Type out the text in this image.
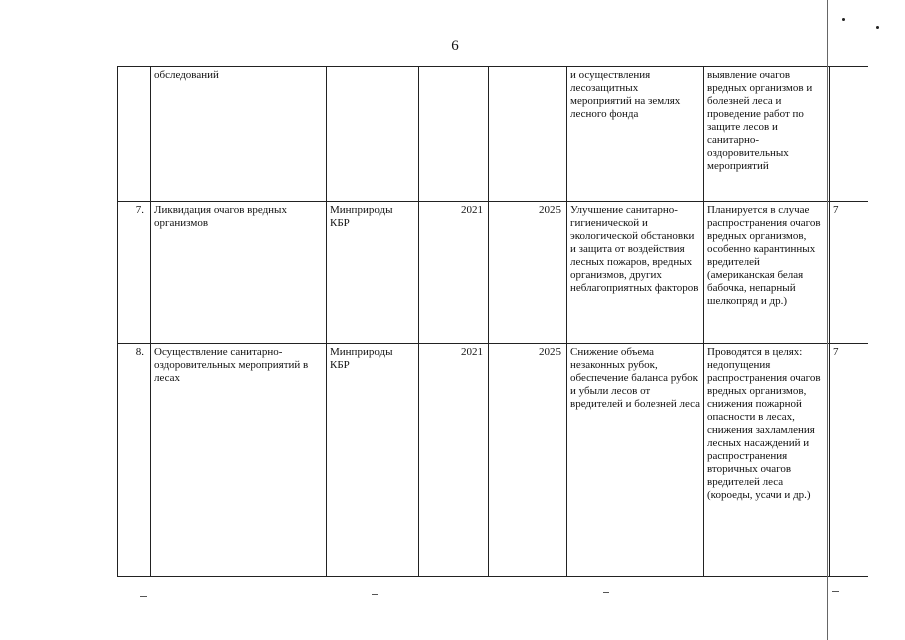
6
	обследований				и осуществления лесозащитных мероприятий на землях лесного фонда	выявление очагов вредных организмов и болезней леса и проведение работ по защите лесов и санитарно-оздоровительных мероприятий	
7.	Ликвидация очагов вредных организмов	Минприроды КБР	2021	2025	Улучшение санитарно-гигиенической и экологической обстановки и защита от воздействия лесных пожаров, вредных организмов, других неблагоприятных факторов	Планируется в случае распространения очагов вредных организмов, особенно карантинных вредителей (американская белая бабочка, непарный шелкопряд и др.)	7
8.	Осуществление санитарно-оздоровительных мероприятий в лесах	Минприроды КБР	2021	2025	Снижение объема незаконных рубок, обеспечение баланса рубок и убыли лесов от вредителей и болезней леса	Проводятся в целях: недопущения распространения очагов вредных организмов, снижения пожарной опасности в лесах, снижения захламления лесных насаждений и распространения вторичных очагов вредителей леса (короеды, усачи и др.)	7
